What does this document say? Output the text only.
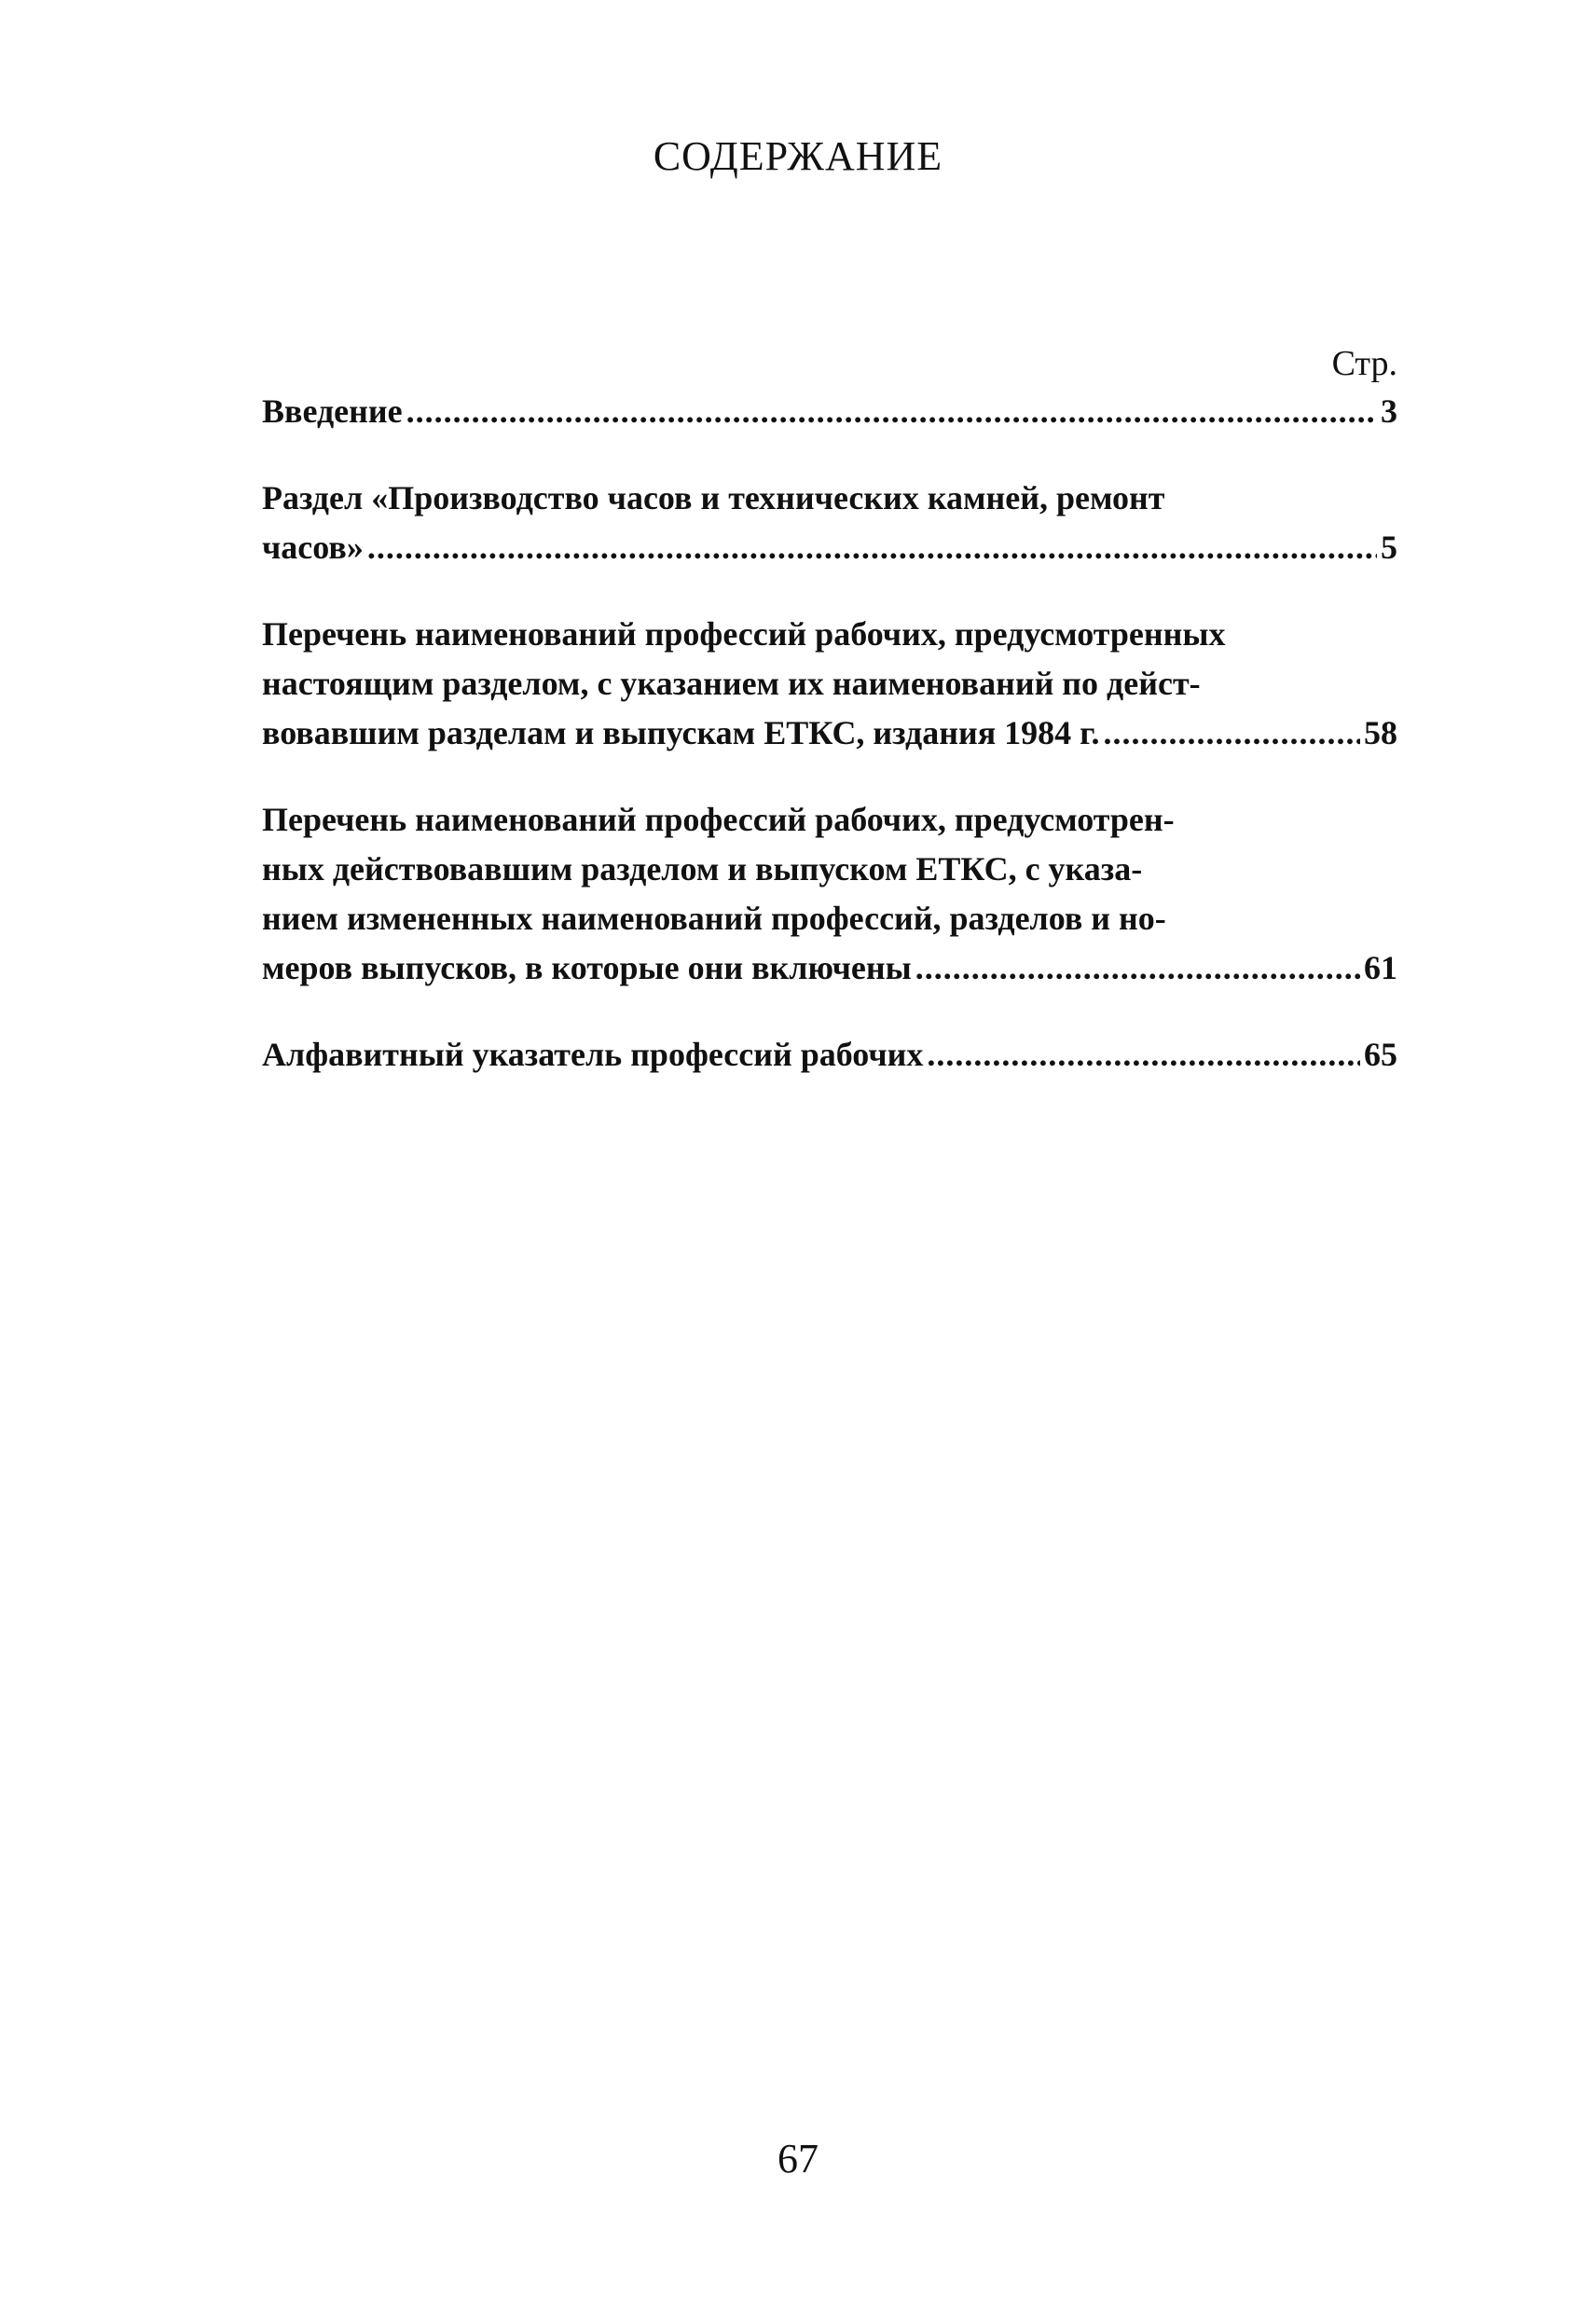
СОДЕРЖАНИЕ
Стр.
Введение .....	3
Раздел «Производство часов и технических камней, ремонт
часов» .....	5
Перечень наименований профессий рабочих, предусмотренных
настоящим разделом, с указанием их наименований по дейст-
вовавшим разделам и выпускам ЕТКС, издания 1984 г. .....	58
Перечень наименований профессий рабочих, предусмотрен-
ных действовавшим разделом и выпуском ЕТКС, с указа-
нием измененных наименований профессий, разделов и но-
меров выпусков, в которые они включены .....	61
Алфавитный указатель профессий рабочих .....	65
67
